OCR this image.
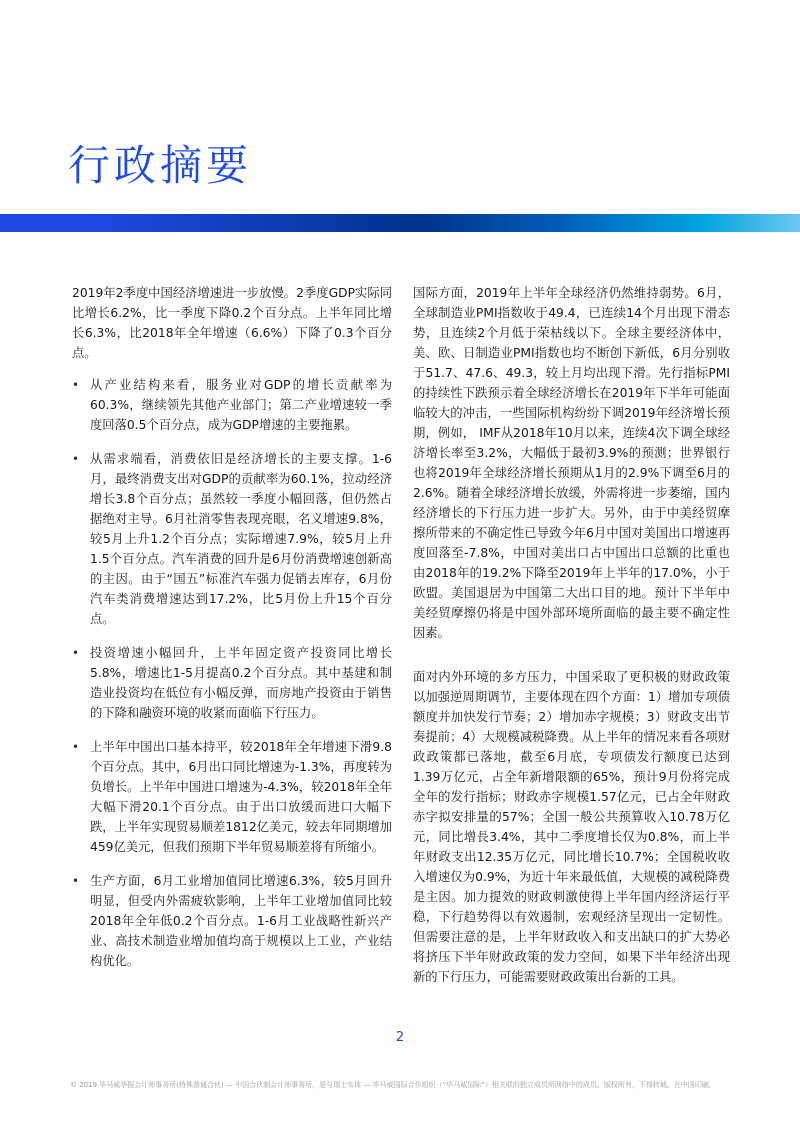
行政摘要

2019年2季度中国经济增速进一步放慢。2季度GDP实际同比增长6.2%，比一季度下降0.2个百分点。上半年同比增长6.3%，比2018年全年增速（6.6%）下降了0.3个百分点。

• 从产业结构来看，服务业对GDP的增长贡献率为60.3%，继续领先其他产业部门；第二产业增速较一季度回落0.5个百分点，成为GDP增速的主要拖累。
• 从需求端看，消费依旧是经济增长的主要支撑。1-6月，最终消费支出对GDP的贡献率为60.1%，拉动经济增长3.8个百分点；虽然较一季度小幅回落，但仍然占据绝对主导。6月社消零售表现亮眼，名义增速9.8%，较5月上升1.2个百分点；实际增速7.9%，较5月上升1.5个百分点。汽车消费的回升是6月份消费增速创新高的主因。由于“国五”标准汽车强力促销去库存，6月份汽车类消费增速达到17.2%，比5月份上升15个百分点。
• 投资增速小幅回升，上半年固定资产投资同比增长5.8%，增速比1-5月提高0.2个百分点。其中基建和制造业投资均在低位有小幅反弹，而房地产投资由于销售的下降和融资环境的收紧而面临下行压力。
• 上半年中国出口基本持平，较2018年全年增速下滑9.8个百分点。其中，6月出口同比增速为-1.3%，再度转为负增长。上半年中国进口增速为-4.3%，较2018年全年大幅下滑20.1个百分点。由于出口放缓而进口大幅下跌，上半年实现贸易顺差1812亿美元，较去年同期增加459亿美元，但我们预期下半年贸易顺差将有所缩小。
• 生产方面，6月工业增加值同比增速6.3%，较5月回升明显，但受内外需疲软影响，上半年工业增加值同比较2018年全年低0.2个百分点。1-6月工业战略性新兴产业、高技术制造业增加值均高于规模以上工业，产业结构优化。

国际方面，2019年上半年全球经济仍然维持弱势。6月，全球制造业PMI指数收于49.4，已连续14个月出现下滑态势，且连续2个月低于荣枯线以下。全球主要经济体中，美、欧、日制造业PMI指数也均不断创下新低，6月分别收于51.7、47.6、49.3，较上月均出现下滑。先行指标PMI的持续性下跌预示着全球经济增长在2019年下半年可能面临较大的冲击，一些国际机构纷纷下调2019年经济增长预期，例如， IMF从2018年10月以来，连续4次下调全球经济增长率至3.2%，大幅低于最初3.9%的预测；世界银行也将2019年全球经济增长预期从1月的2.9%下调至6月的2.6%。随着全球经济增长放缓，外需将进一步萎缩，国内经济增长的下行压力进一步扩大。另外，由于中美经贸摩擦所带来的不确定性已导致今年6月中国对美国出口增速再度回落至-7.8%，中国对美出口占中国出口总额的比重也由2018年的19.2%下降至2019年上半年的17.0%，小于欧盟。美国退居为中国第二大出口目的地。预计下半年中美经贸摩擦仍将是中国外部环境所面临的最主要不确定性因素。

面对内外环境的多方压力，中国采取了更积极的财政政策以加强逆周期调节，主要体现在四个方面：1）增加专项债额度并加快发行节奏；2）增加赤字规模；3）财政支出节奏提前；4）大规模减税降费。从上半年的情况来看各项财政政策都已落地，截至6月底，专项债发行额度已达到1.39万亿元，占全年新增限额的65%，预计9月份将完成全年的发行指标；财政赤字规模1.57亿元，已占全年财政赤字拟安排量的57%；全国一般公共预算收入10.78万亿元，同比增長3.4%，其中二季度增长仅为0.8%，而上半年财政支出12.35万亿元，同比增长10.7%；全国税收收入增速仅为0.9%，为近十年来最低值，大规模的减税降费是主因。加力提效的财政刺激使得上半年国内经济运行平稳，下行趋势得以有效遏制，宏观经济呈现出一定韧性。但需要注意的是，上半年财政收入和支出缺口的扩大势必将挤压下半年财政政策的发力空间，如果下半年经济出现新的下行压力，可能需要财政政策出台新的工具。

2
© 2019 毕马威华振会计师事务所(特殊普通合伙) — 中国合伙制会计师事务所，是与瑞士实体 — 毕马威国际合作组织（“毕马威国际”）相关联的独立成员所网络中的成员。版权所有，不得转载。在中国印刷。
